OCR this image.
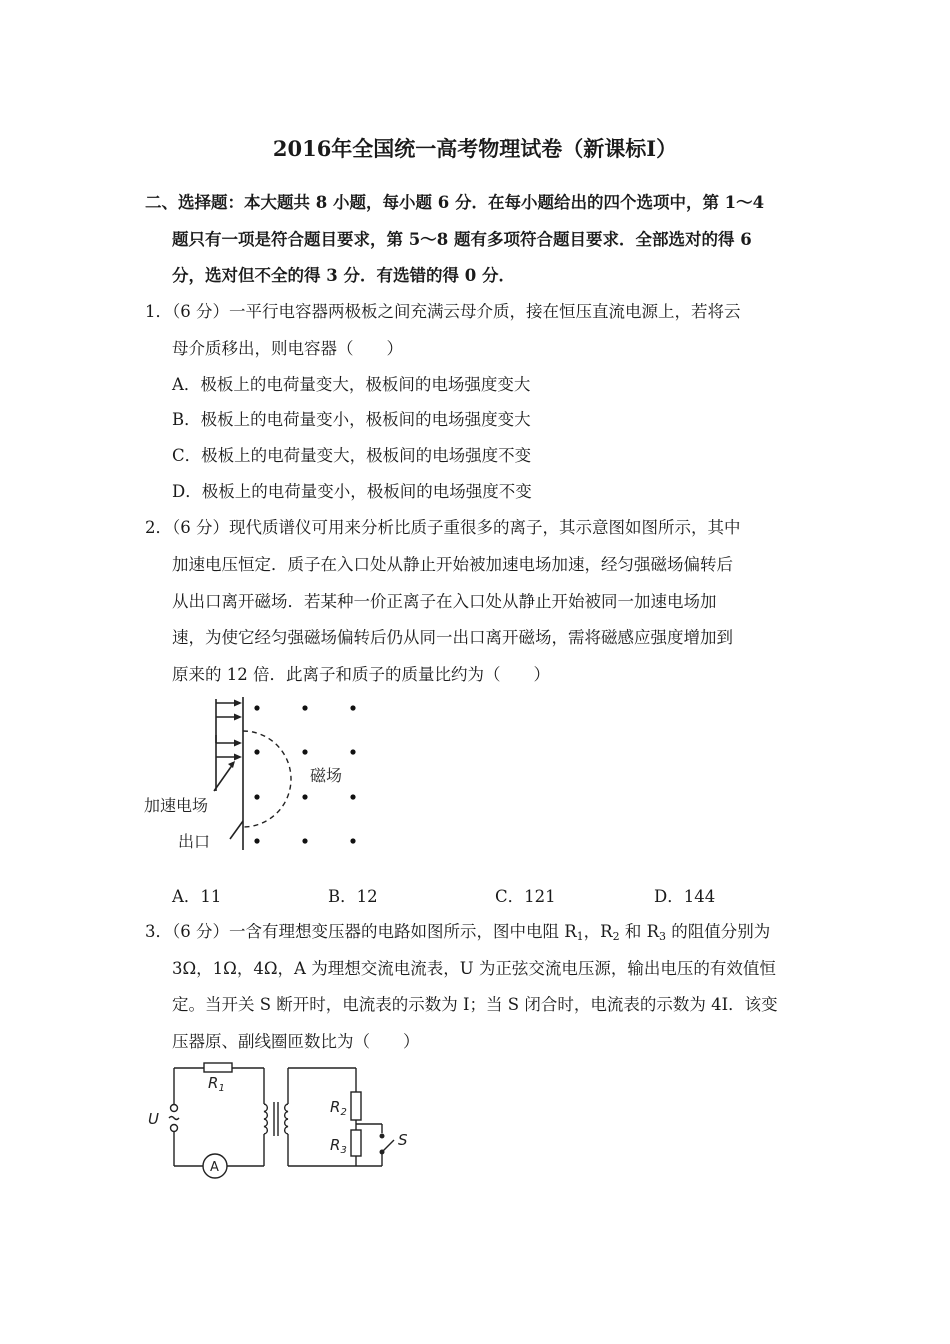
2016年全国统一高考物理试卷（新课标Ⅰ）
二、选择题：本大题共 8 小题，每小题 6 分．在每小题给出的四个选项中，第 1～4
题只有一项是符合题目要求，第 5～8 题有多项符合题目要求．全部选对的得 6
分，选对但不全的得 3 分．有选错的得 0 分．
1．（6 分）一平行电容器两极板之间充满云母介质，接在恒压直流电源上，若将云
母介质移出，则电容器（　　）
A．极板上的电荷量变大，极板间的电场强度变大
B．极板上的电荷量变小，极板间的电场强度变大
C．极板上的电荷量变大，极板间的电场强度不变
D．极板上的电荷量变小，极板间的电场强度不变
2．（6 分）现代质谱仪可用来分析比质子重很多的离子，其示意图如图所示，其中
加速电压恒定．质子在入口处从静止开始被加速电场加速，经匀强磁场偏转后
从出口离开磁场．若某种一价正离子在入口处从静止开始被同一加速电场加
速，为使它经匀强磁场偏转后仍从同一出口离开磁场，需将磁感应强度增加到
原来的 12 倍．此离子和质子的质量比约为（　　）
加速电场
出口
磁场
A．11	B．12	C．121	D．144
3．（6 分）一含有理想变压器的电路如图所示，图中电阻 $R_1$，$R_2$ 和 $R_3$ 的阻值分别为
3Ω，1Ω，4Ω，A 为理想交流电流表，U 为正弦交流电压源，输出电压的有效值恒
定。当开关 S 断开时，电流表的示数为 I；当 S 闭合时，电流表的示数为 4I．该变
压器原、副线圈匝数比为（　　）
$R_1$
$R_2$
$R_3$
U
S
A
